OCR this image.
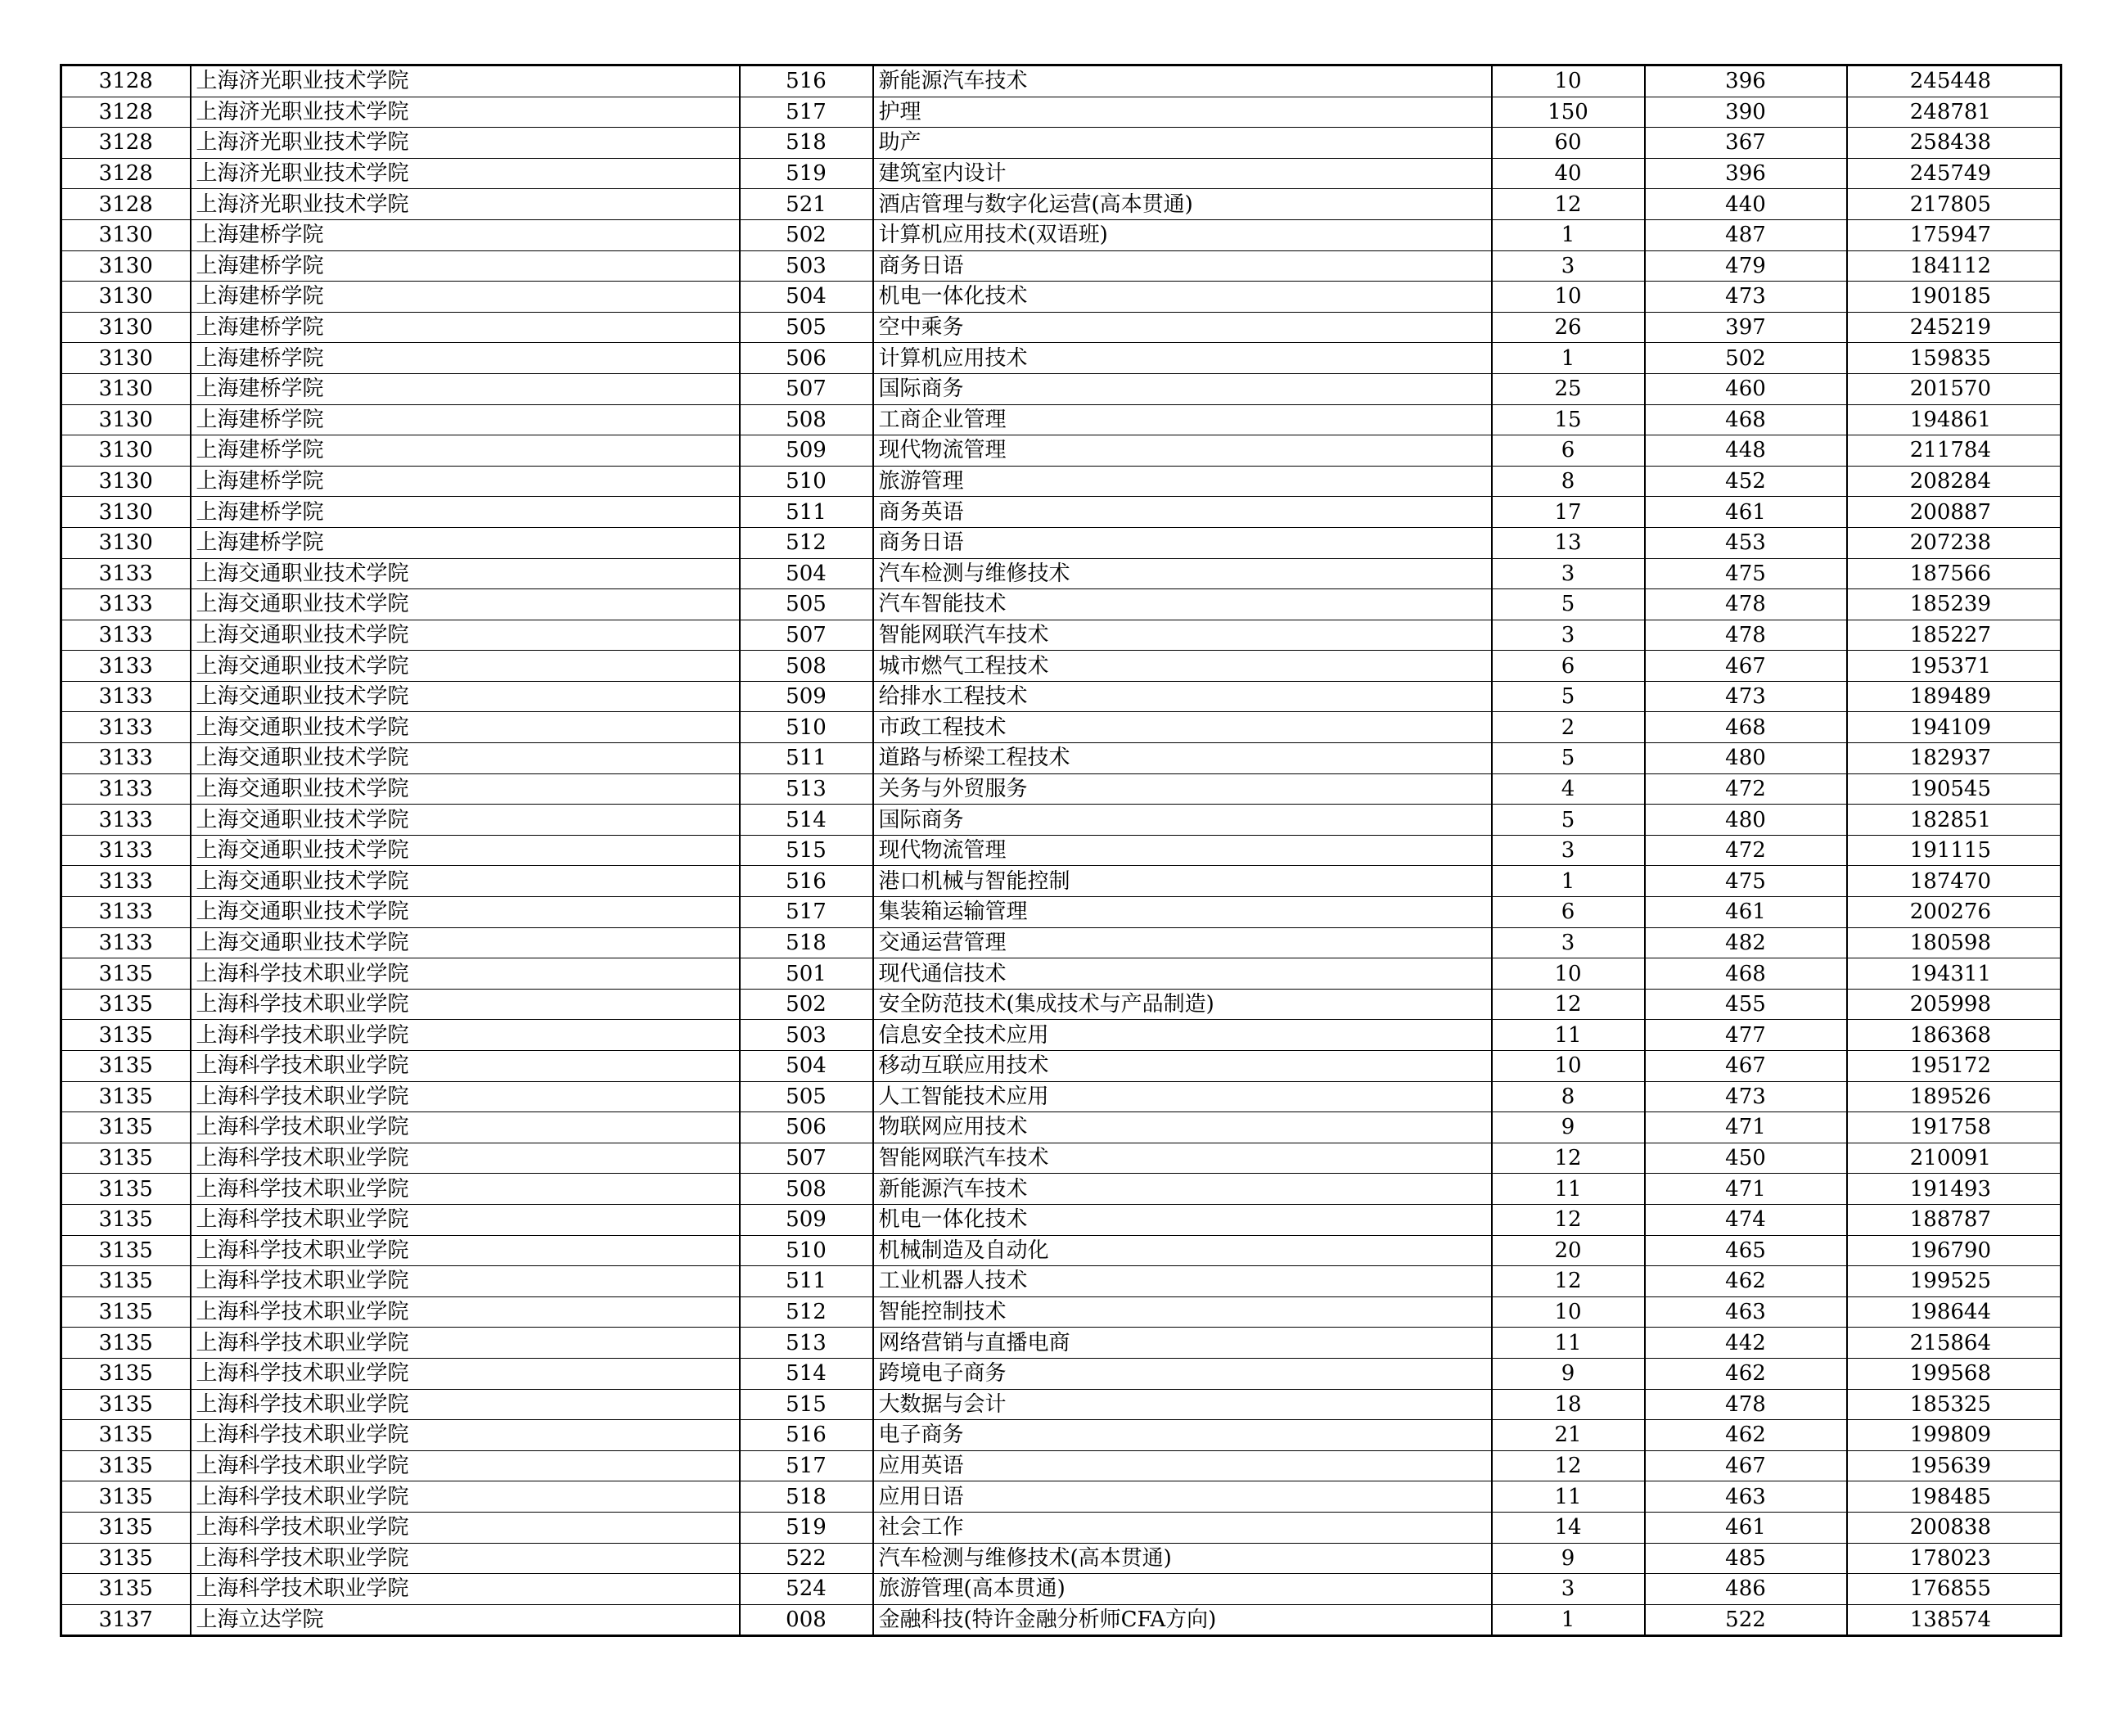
3128	上海济光职业技术学院	516	新能源汽车技术	10	396	245448
3128	上海济光职业技术学院	517	护理	150	390	248781
3128	上海济光职业技术学院	518	助产	60	367	258438
3128	上海济光职业技术学院	519	建筑室内设计	40	396	245749
3128	上海济光职业技术学院	521	酒店管理与数字化运营(高本贯通)	12	440	217805
3130	上海建桥学院	502	计算机应用技术(双语班)	1	487	175947
3130	上海建桥学院	503	商务日语	3	479	184112
3130	上海建桥学院	504	机电一体化技术	10	473	190185
3130	上海建桥学院	505	空中乘务	26	397	245219
3130	上海建桥学院	506	计算机应用技术	1	502	159835
3130	上海建桥学院	507	国际商务	25	460	201570
3130	上海建桥学院	508	工商企业管理	15	468	194861
3130	上海建桥学院	509	现代物流管理	6	448	211784
3130	上海建桥学院	510	旅游管理	8	452	208284
3130	上海建桥学院	511	商务英语	17	461	200887
3130	上海建桥学院	512	商务日语	13	453	207238
3133	上海交通职业技术学院	504	汽车检测与维修技术	3	475	187566
3133	上海交通职业技术学院	505	汽车智能技术	5	478	185239
3133	上海交通职业技术学院	507	智能网联汽车技术	3	478	185227
3133	上海交通职业技术学院	508	城市燃气工程技术	6	467	195371
3133	上海交通职业技术学院	509	给排水工程技术	5	473	189489
3133	上海交通职业技术学院	510	市政工程技术	2	468	194109
3133	上海交通职业技术学院	511	道路与桥梁工程技术	5	480	182937
3133	上海交通职业技术学院	513	关务与外贸服务	4	472	190545
3133	上海交通职业技术学院	514	国际商务	5	480	182851
3133	上海交通职业技术学院	515	现代物流管理	3	472	191115
3133	上海交通职业技术学院	516	港口机械与智能控制	1	475	187470
3133	上海交通职业技术学院	517	集装箱运输管理	6	461	200276
3133	上海交通职业技术学院	518	交通运营管理	3	482	180598
3135	上海科学技术职业学院	501	现代通信技术	10	468	194311
3135	上海科学技术职业学院	502	安全防范技术(集成技术与产品制造)	12	455	205998
3135	上海科学技术职业学院	503	信息安全技术应用	11	477	186368
3135	上海科学技术职业学院	504	移动互联应用技术	10	467	195172
3135	上海科学技术职业学院	505	人工智能技术应用	8	473	189526
3135	上海科学技术职业学院	506	物联网应用技术	9	471	191758
3135	上海科学技术职业学院	507	智能网联汽车技术	12	450	210091
3135	上海科学技术职业学院	508	新能源汽车技术	11	471	191493
3135	上海科学技术职业学院	509	机电一体化技术	12	474	188787
3135	上海科学技术职业学院	510	机械制造及自动化	20	465	196790
3135	上海科学技术职业学院	511	工业机器人技术	12	462	199525
3135	上海科学技术职业学院	512	智能控制技术	10	463	198644
3135	上海科学技术职业学院	513	网络营销与直播电商	11	442	215864
3135	上海科学技术职业学院	514	跨境电子商务	9	462	199568
3135	上海科学技术职业学院	515	大数据与会计	18	478	185325
3135	上海科学技术职业学院	516	电子商务	21	462	199809
3135	上海科学技术职业学院	517	应用英语	12	467	195639
3135	上海科学技术职业学院	518	应用日语	11	463	198485
3135	上海科学技术职业学院	519	社会工作	14	461	200838
3135	上海科学技术职业学院	522	汽车检测与维修技术(高本贯通)	9	485	178023
3135	上海科学技术职业学院	524	旅游管理(高本贯通)	3	486	176855
3137	上海立达学院	008	金融科技(特许金融分析师CFA方向)	1	522	138574
